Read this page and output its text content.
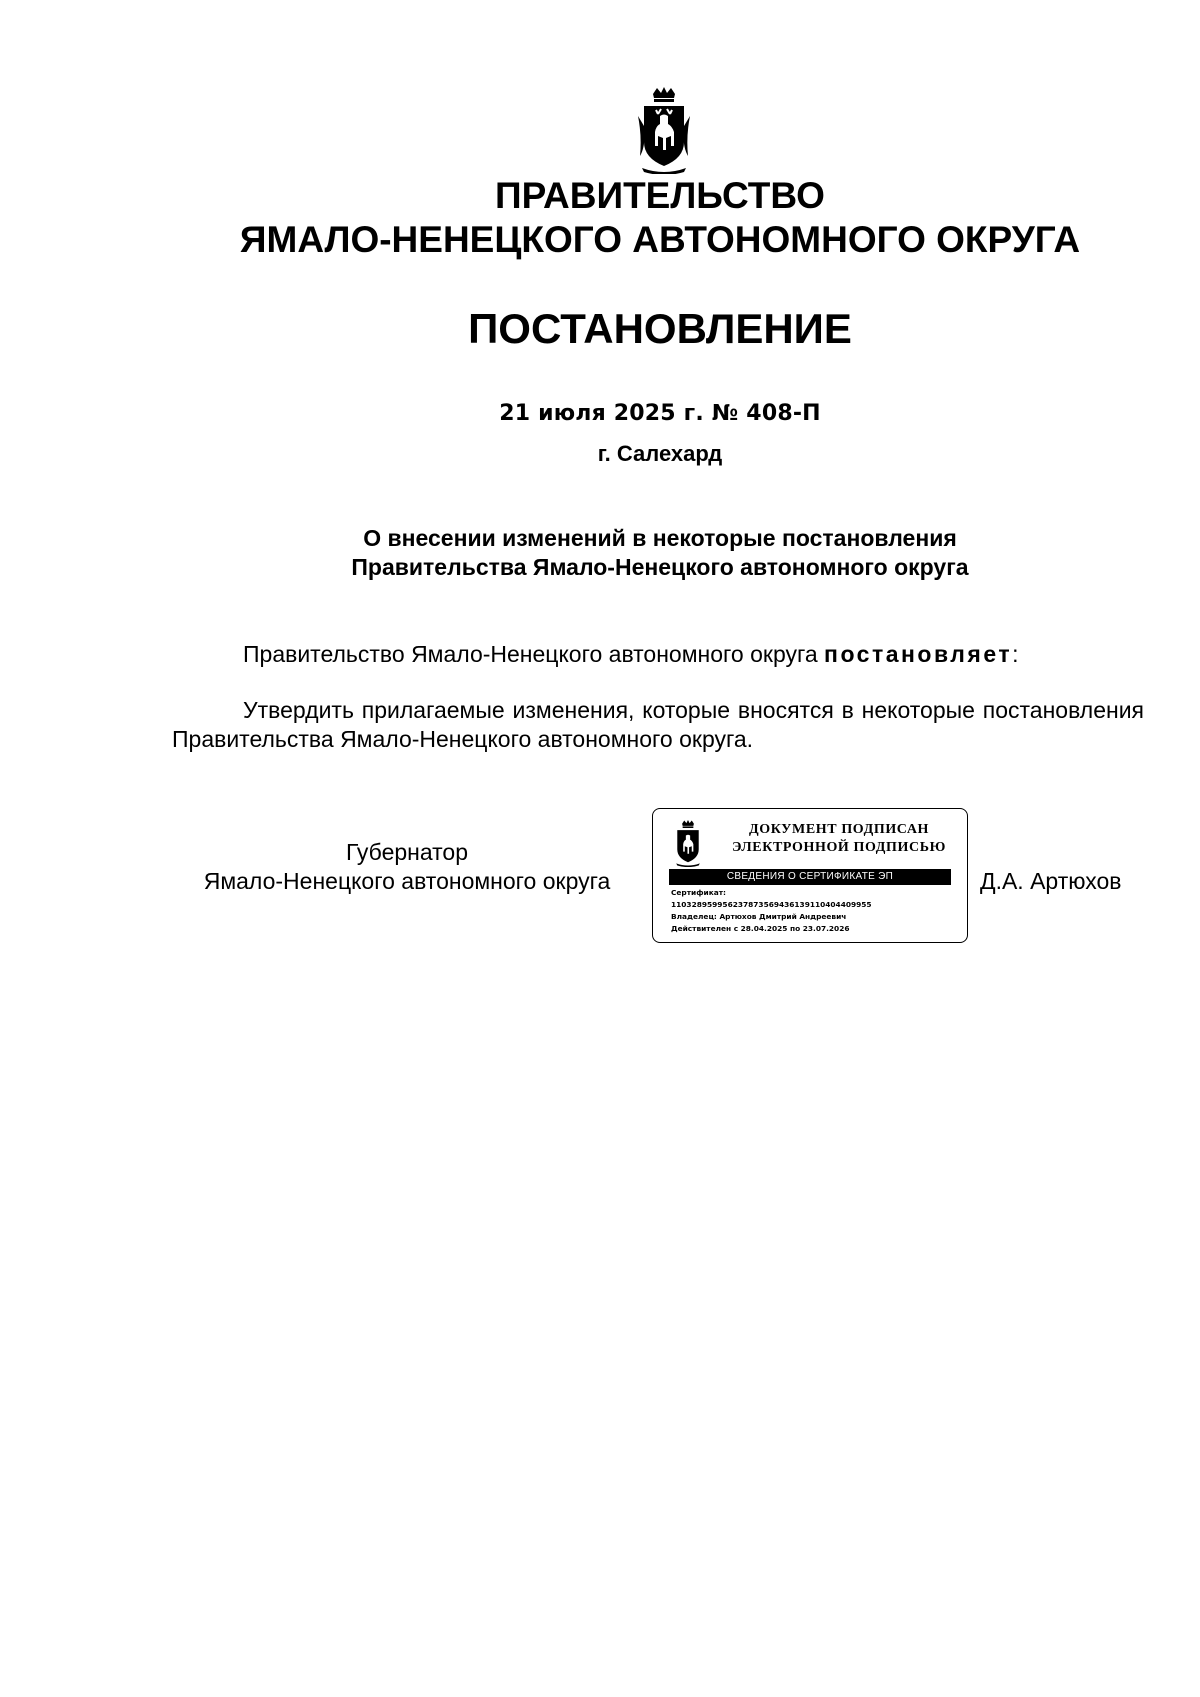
ПРАВИТЕЛЬСТВО
ЯМАЛО-НЕНЕЦКОГО АВТОНОМНОГО ОКРУГА
ПОСТАНОВЛЕНИЕ
21 июля 2025 г. № 408-П
г. Салехард
О внесении изменений в некоторые постановления
Правительства Ямало-Ненецкого автономного округа
Правительство Ямало-Ненецкого автономного округа постановляет:
Утвердить прилагаемые изменения, которые вносятся в некоторые постановления Правительства Ямало-Ненецкого автономного округа.
Губернатор
Ямало-Ненецкого автономного округа
ДОКУМЕНТ ПОДПИСАН
ЭЛЕКТРОННОЙ ПОДПИСЬЮ
СВЕДЕНИЯ О СЕРТИФИКАТЕ ЭП
Сертификат:
110328959956237873569436139110404409955
Владелец: Артюхов Дмитрий Андреевич
Действителен с 28.04.2025 по 23.07.2026
Д.А. Артюхов
